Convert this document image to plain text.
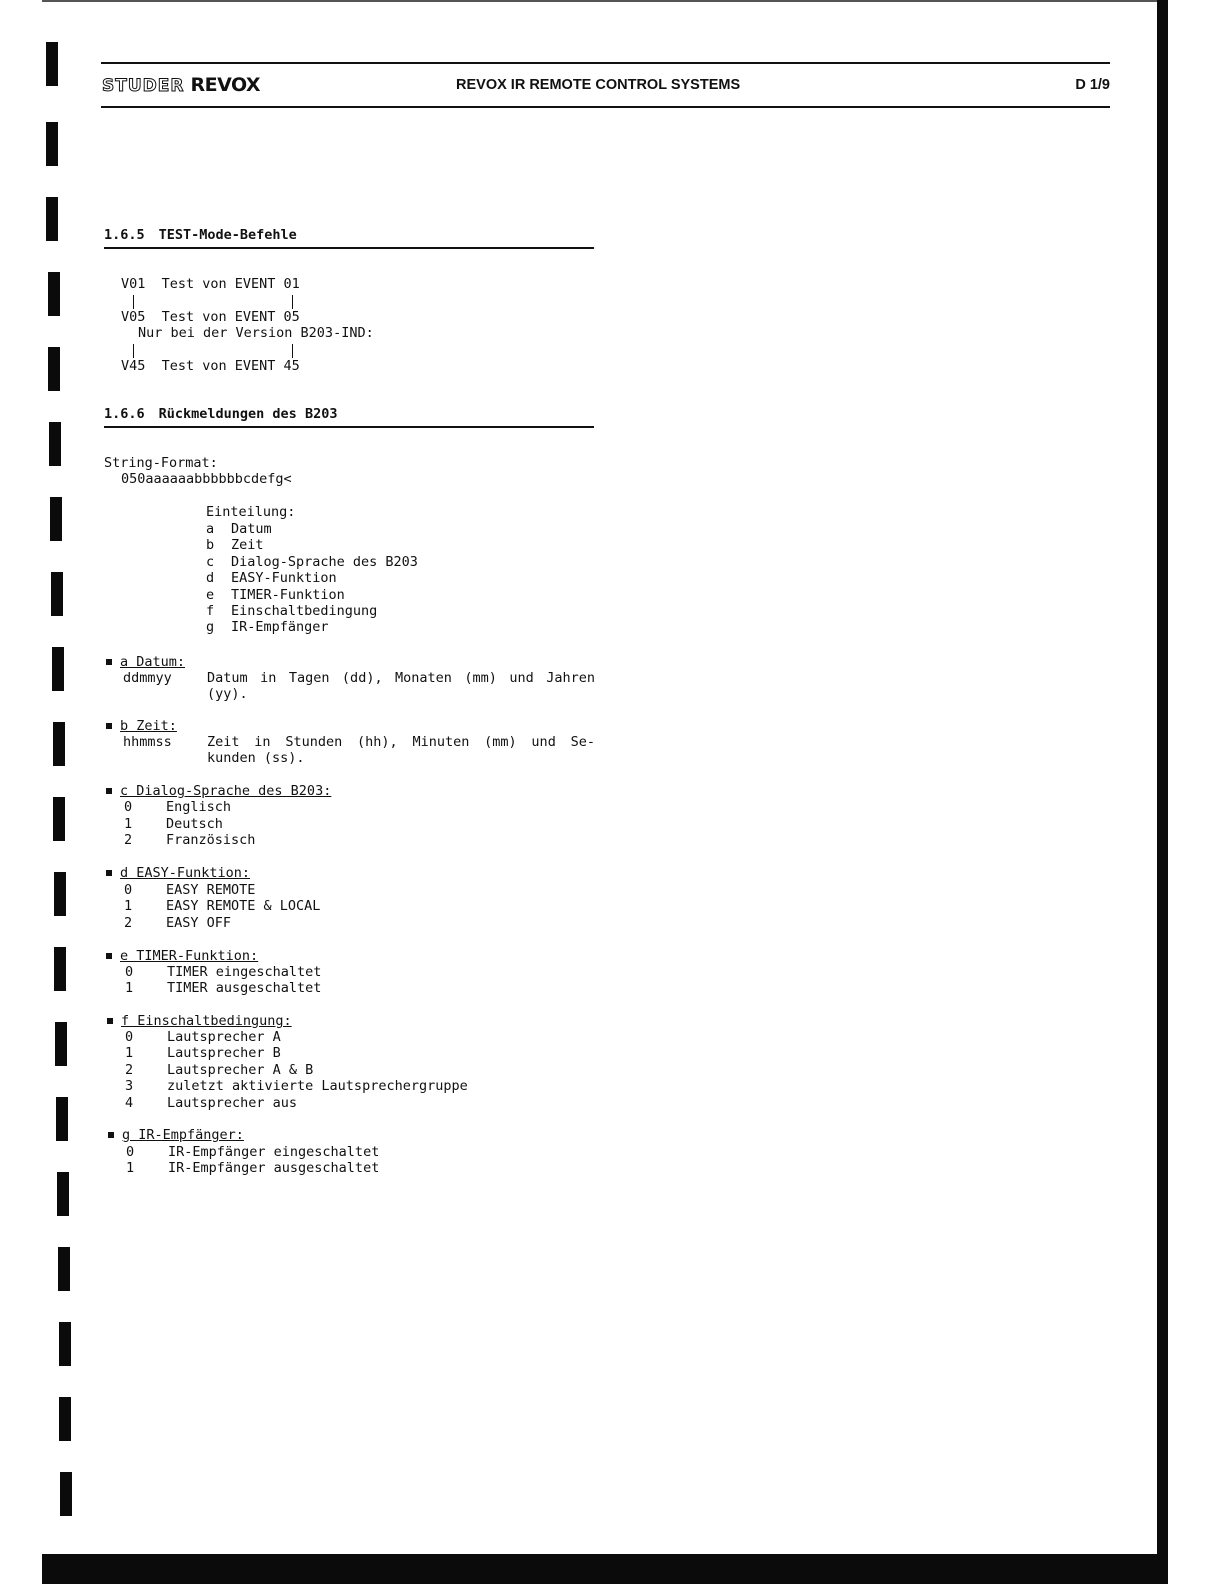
STUDER REVOX	REVOX IR REMOTE CONTROL SYSTEMS	D 1/9
1.6.5 TEST-Mode-Befehle
V01  Test von EVENT 01
V05  Test von EVENT 05
Nur bei der Version B203-IND:
V45  Test von EVENT 45
1.6.6 Rückmeldungen des B203
String-Format:
050aaaaaabbbbbbcdefg<
Einteilung:
a Datum
b Zeit
c Dialog-Sprache des B203
d EASY-Funktion
e TIMER-Funktion
f Einschaltbedingung
g IR-Empfänger
a Datum:
ddmmyy	Datum in Tagen (dd), Monaten (mm) und Jahren (yy).
b Zeit:
hhmmss	Zeit in Stunden (hh), Minuten (mm) und Se-kunden (ss).
c Dialog-Sprache des B203:
0	Englisch
1	Deutsch
2	Französisch
d EASY-Funktion:
0	EASY REMOTE
1	EASY REMOTE & LOCAL
2	EASY OFF
e TIMER-Funktion:
0	TIMER eingeschaltet
1	TIMER ausgeschaltet
f Einschaltbedingung:
0	Lautsprecher A
1	Lautsprecher B
2	Lautsprecher A & B
3	zuletzt aktivierte Lautsprechergruppe
4	Lautsprecher aus
g IR-Empfänger:
0	IR-Empfänger eingeschaltet
1	IR-Empfänger ausgeschaltet
